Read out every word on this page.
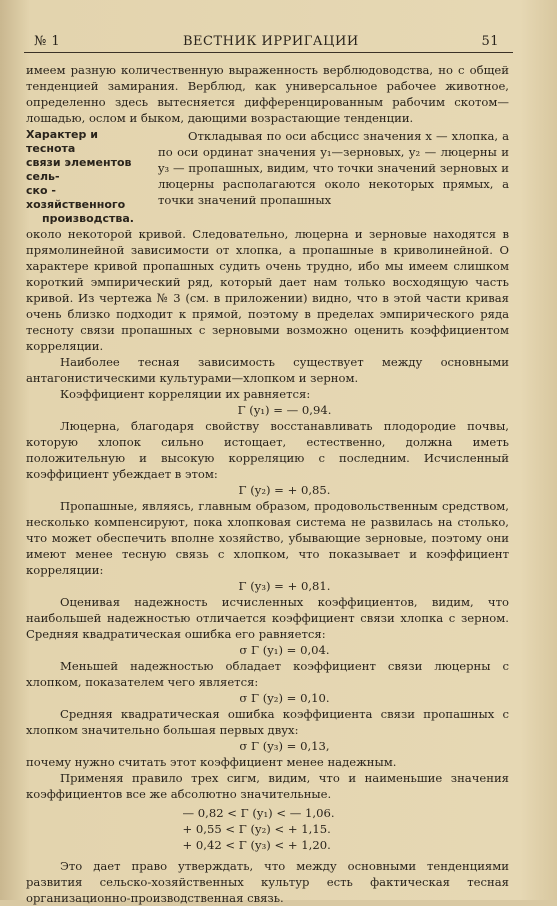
№ 1	ВЕСТНИК ИРРИГАЦИИ	51

имеем разную количественную выраженность верблюдоводства, но с общей тенденцией замирания. Верблюд, как универсальное рабочее животное, определенно здесь вытесняется дифференцированным рабочим скотом—лошадью, ослом и быком, дающими возрастающие тенденции.

Характер и теснота
связи элементов сель-
ско - хозяйственного
производства.

Откладывая по оси абсцисс значения x — хлопка, а по оси ординат значения y₁—зерновых, y₂ — люцерны и y₃ — пропашных, видим, что точки значений зерновых и люцерны располагаются около некоторых прямых, а точки значений пропашных

около некоторой кривой. Следовательно, люцерна и зерновые находятся в прямолинейной зависимости от хлопка, а пропашные в криволинейной. О характере кривой пропашных судить очень трудно, ибо мы имеем слишком короткий эмпирический ряд, который дает нам только восходящую часть кривой. Из чертежа № 3 (см. в приложении) видно, что в этой части кривая очень близко подходит к прямой, поэтому в пределах эмпирического ряда тесноту связи пропашных с зерновыми возможно оценить коэффициентом корреляции.

Наиболее тесная зависимость существует между основными антагонистическими культурами—хлопком и зерном.

Коэффициент корреляции их равняется:

Γ (y₁) = — 0,94.

Люцерна, благодаря свойству восстанавливать плодородие почвы, которую хлопок сильно истощает, естественно, должна иметь положительную и высокую корреляцию с последним. Исчисленный коэффициент убеждает в этом:

Γ (y₂) = + 0,85.

Пропашные, являясь, главным образом, продовольственным средством, несколько компенсируют, пока хлопковая система не развилась на столько, что может обеспечить вполне хозяйство, убывающие зерновые, поэтому они имеют менее тесную связь с хлопком, что показывает и коэффициент корреляции:

Γ (y₃) = + 0,81.

Оценивая надежность исчисленных коэффициентов, видим, что наибольшей надежностью отличается коэффициент связи хлопка с зерном. Средняя квадратическая ошибка его равняется:

σ Γ (y₁) = 0,04.

Меньшей надежностью обладает коэффициент связи люцерны с хлопком, показателем чего является:

σ Γ (y₂) = 0,10.

Средняя квадратическая ошибка коэффициента связи пропашных с хлопком значительно большая первых двух:

σ Γ (y₃) = 0,13,

почему нужно считать этот коэффициент менее надежным.

Применяя правило трех сигм, видим, что и наименьшие значения коэффициентов все же абсолютно значительные.

— 0,82 < Γ (y₁) < — 1,06.
+ 0,55 < Γ (y₂) < + 1,15.
+ 0,42 < Γ (y₃) < + 1,20.

Это дает право утверждать, что между основными тенденциями развития сельско-хозяйственных культур есть фактическая тесная организационно-производственная связь.
